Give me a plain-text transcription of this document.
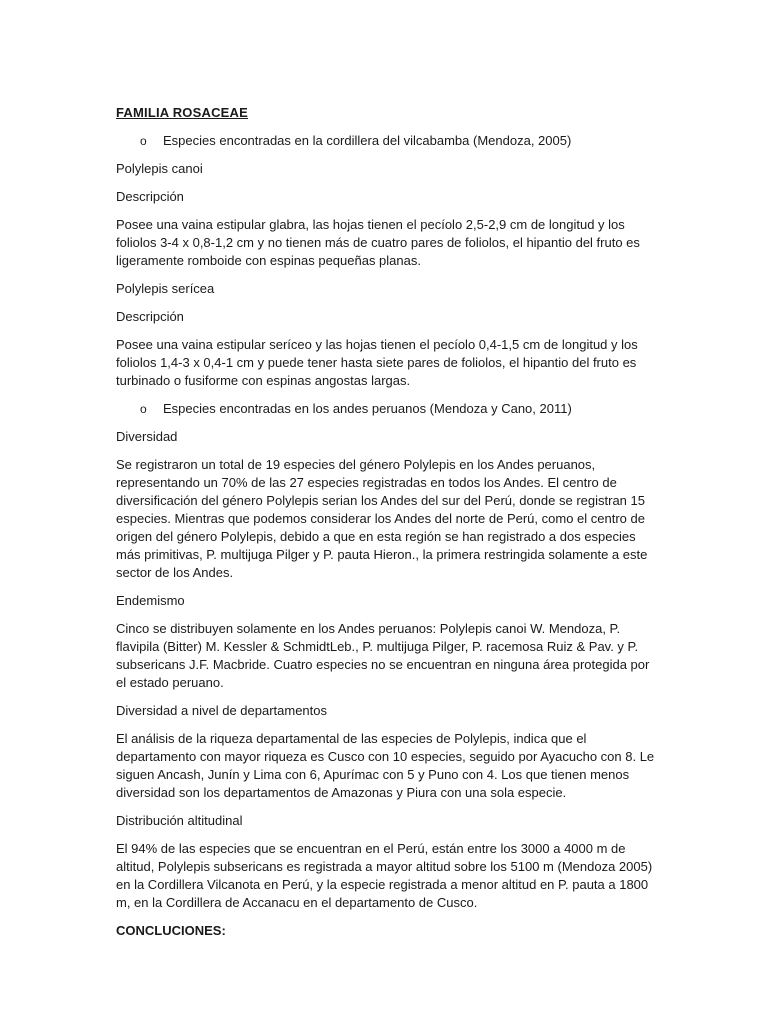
FAMILIA ROSACEAE

o	Especies encontradas en la cordillera del vilcabamba (Mendoza, 2005)

Polylepis canoi

Descripción

Posee una vaina estipular glabra, las hojas tienen el pecíolo 2,5-2,9 cm de longitud y los foliolos 3-4 x 0,8-1,2 cm y no tienen más de cuatro pares de foliolos, el hipantio del fruto es ligeramente romboide con espinas pequeñas planas.

Polylepis serícea

Descripción

Posee una vaina estipular seríceo y las hojas tienen el pecíolo 0,4-1,5 cm de longitud y los foliolos 1,4-3 x 0,4-1 cm y puede tener hasta siete pares de foliolos, el hipantio del fruto es turbinado o fusiforme con espinas angostas largas.

o	Especies encontradas en los andes peruanos (Mendoza y Cano, 2011)

Diversidad

Se registraron un total de 19 especies del género Polylepis en los Andes peruanos, representando un 70% de las 27 especies registradas en todos los Andes. El centro de diversificación del género Polylepis serian los Andes del sur del Perú, donde se registran 15 especies. Mientras que podemos considerar los Andes del norte de Perú, como el centro de origen del género Polylepis, debido a que en esta región se han registrado a dos especies más primitivas, P. multijuga Pilger y P. pauta Hieron., la primera restringida solamente a este sector de los Andes.

Endemismo

Cinco se distribuyen solamente en los Andes peruanos: Polylepis canoi W. Mendoza, P. flavipila (Bitter) M. Kessler & SchmidtLeb., P. multijuga Pilger, P. racemosa Ruiz & Pav. y P. subsericans J.F. Macbride. Cuatro especies no se encuentran en ninguna área protegida por el estado peruano.

Diversidad a nivel de departamentos

El análisis de la riqueza departamental de las especies de Polylepis, indica que el departamento con mayor riqueza es Cusco con 10 especies, seguido por Ayacucho con 8. Le siguen Ancash, Junín y Lima con 6, Apurímac con 5 y Puno con 4. Los que tienen menos diversidad son los departamentos de Amazonas y Piura con una sola especie.

Distribución altitudinal

El 94% de las especies que se encuentran en el Perú, están entre los 3000 a 4000 m de altitud, Polylepis subsericans es registrada a mayor altitud sobre los 5100 m (Mendoza 2005) en la Cordillera Vilcanota en Perú, y la especie registrada a menor altitud en P. pauta a 1800 m, en la Cordillera de Accanacu en el departamento de Cusco.

CONCLUCIONES:
